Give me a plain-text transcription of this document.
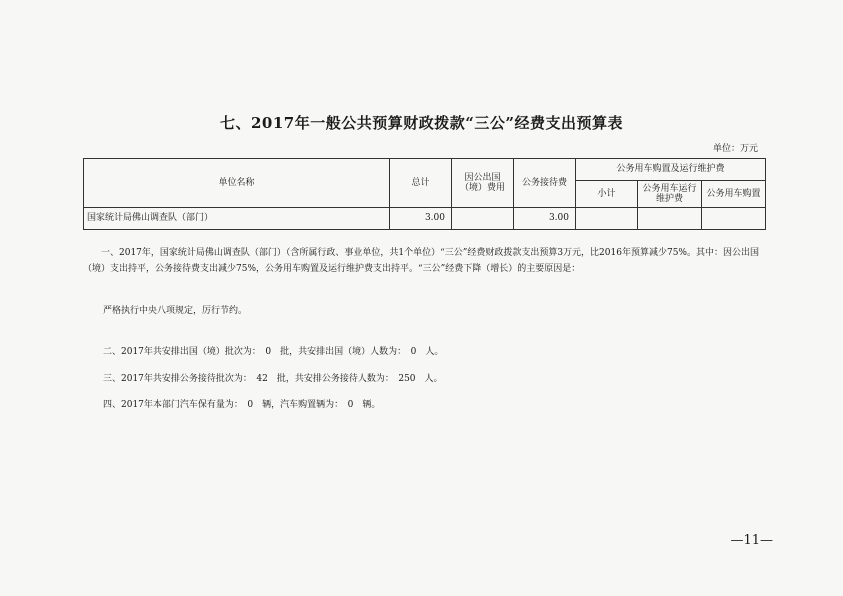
七、2017年一般公共预算财政拨款“三公”经费支出预算表
单位：万元
单位名称	总计	因公出国（境）费用	公务接待费	公务用车购置及运行维护费		
				小计	公务用车运行维护费	公务用车购置
国家统计局佛山调查队（部门）	3.00		3.00			

一、2017年，国家统计局佛山调查队（部门）（含所属行政、事业单位，共1个单位）“三公”经费财政拨款支出预算3万元，比2016年预算减少75%。其中：因公出国（境）支出持平，公务接待费支出减少75%，公务用车购置及运行维护费支出持平。“三公”经费下降（增长）的主要原因是：

严格执行中央八项规定，厉行节约。

二、2017年共安排出国（境）批次为：　0　批，共安排出国（境）人数为：　0　人。

三、2017年共安排公务接待批次为：　42　批，共安排公务接待人数为：　250　人。

四、2017年本部门汽车保有量为：　0　辆，汽车购置辆为：　0　辆。

—11—
